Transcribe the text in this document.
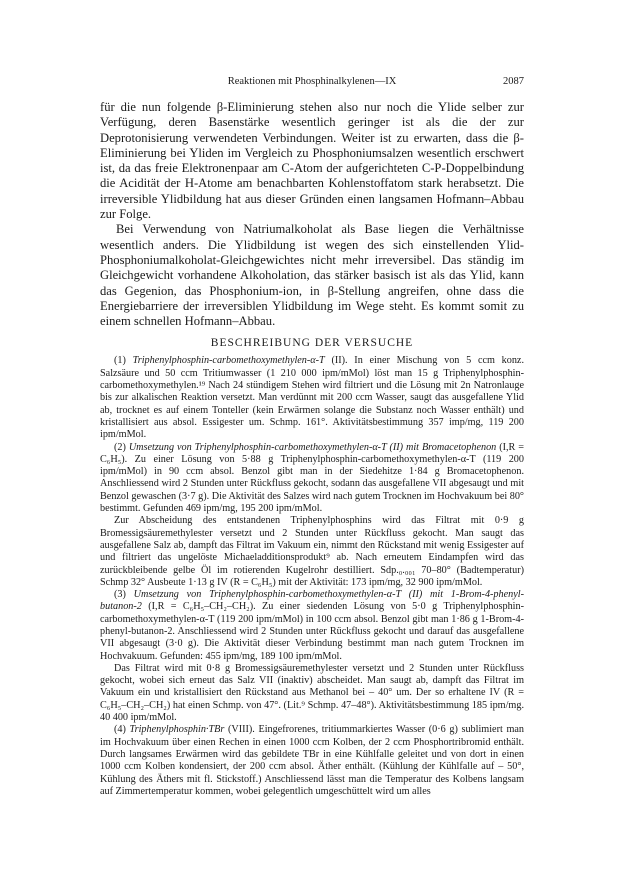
Reaktionen mit Phosphinalkylenen—IX	2087

für die nun folgende β-Eliminierung stehen also nur noch die Ylide selber zur Verfügung, deren Basenstärke wesentlich geringer ist als die der zur Deprotonisierung verwendeten Verbindungen. Weiter ist zu erwarten, dass die β-Eliminierung bei Yliden im Vergleich zu Phosphoniumsalzen wesentlich erschwert ist, da das freie Elektronenpaar am C-Atom der aufgerichteten C-P-Doppelbindung die Acidität der H-Atome am benachbarten Kohlenstoffatom stark herabsetzt. Die irreversible Ylidbildung hat aus dieser Gründen einen langsamen Hofmann–Abbau zur Folge.

Bei Verwendung von Natriumalkoholat als Base liegen die Verhältnisse wesentlich anders. Die Ylidbildung ist wegen des sich einstellenden Ylid-Phosphoniumalkoholat-Gleichgewichtes nicht mehr irreversibel. Das ständig im Gleichgewicht vorhandene Alkoholation, das stärker basisch ist als das Ylid, kann das Gegenion, das Phosphonium-ion, in β-Stellung angreifen, ohne dass die Energiebarriere der irreversiblen Ylidbildung im Wege steht. Es kommt somit zu einem schnellen Hofmann–Abbau.

BESCHREIBUNG DER VERSUCHE

(1) Triphenylphosphin-carbomethoxymethylen-α-T (II). In einer Mischung von 5 ccm konz. Salzsäure und 50 ccm Tritiumwasser (1 210 000 ipm/mMol) löst man 15 g Triphenylphosphin-carbomethoxymethylen.¹⁹ Nach 24 stündigem Stehen wird filtriert und die Lösung mit 2n Natronlauge bis zur alkalischen Reaktion versetzt. Man verdünnt mit 200 ccm Wasser, saugt das ausgefallene Ylid ab, trocknet es auf einem Tonteller (kein Erwärmen solange die Substanz noch Wasser enthält) und kristallisiert aus absol. Essigester um. Schmp. 161°. Aktivitätsbestimmung 357 imp/mg, 119 200 ipm/mMol.

(2) Umsetzung von Triphenylphosphin-carbomethoxymethylen-α-T (II) mit Bromacetophenon (I,R = C₆H₅). Zu einer Lösung von 5·88 g Triphenylphosphin-carbomethoxymethylen-α-T (119 200 ipm/mMol) in 90 ccm absol. Benzol gibt man in der Siedehitze 1·84 g Bromacetophenon. Anschliessend wird 2 Stunden unter Rückfluss gekocht, sodann das ausgefallene VII abgesaugt und mit Benzol gewaschen (3·7 g). Die Aktivität des Salzes wird nach gutem Trocknen im Hochvakuum bei 80° bestimmt. Gefunden 469 ipm/mg, 195 200 ipm/mMol.

Zur Abscheidung des entstandenen Triphenylphosphins wird das Filtrat mit 0·9 g Bromessigsäuremethylester versetzt und 2 Stunden unter Rückfluss gekocht. Man saugt das ausgefallene Salz ab, dampft das Filtrat im Vakuum ein, nimmt den Rückstand mit wenig Essigester auf und filtriert das ungelöste Michaeladditionsprodukt⁹ ab. Nach erneutem Eindampfen wird das zurückbleibende gelbe Öl im rotierenden Kugelrohr destilliert. Sdp.₀.₀₀₁ 70–80° (Badtemperatur) Schmp 32° Ausbeute 1·13 g IV (R = C₆H₅) mit der Aktivität: 173 ipm/mg, 32 900 ipm/mMol.

(3) Umsetzung von Triphenylphosphin-carbomethoxymethylen-α-T (II) mit 1-Brom-4-phenyl-butanon-2 (I,R = C₆H₅–CH₂–CH₂). Zu einer siedenden Lösung von 5·0 g Triphenylphosphin-carbomethoxymethylen-α-T (119 200 ipm/mMol) in 100 ccm absol. Benzol gibt man 1·86 g 1-Brom-4-phenyl-butanon-2. Anschliessend wird 2 Stunden unter Rückfluss gekocht und darauf das ausgefallene VII abgesaugt (3·0 g). Die Aktivität dieser Verbindung bestimmt man nach gutem Trocknen im Hochvakuum. Gefunden: 455 ipm/mg, 189 100 ipm/mMol.

Das Filtrat wird mit 0·8 g Bromessigsäuremethylester versetzt und 2 Stunden unter Rückfluss gekocht, wobei sich erneut das Salz VII (inaktiv) abscheidet. Man saugt ab, dampft das Filtrat im Vakuum ein und kristallisiert den Rückstand aus Methanol bei – 40° um. Der so erhaltene IV (R = C₆H₅–CH₂–CH₂) hat einen Schmp. von 47°. (Lit.⁹ Schmp. 47–48°). Aktivitätsbestimmung 185 ipm/mg. 40 400 ipm/mMol.

(4) Triphenylphosphin·TBr (VIII). Eingefrorenes, tritiummarkiertes Wasser (0·6 g) sublimiert man im Hochvakuum über einen Rechen in einen 1000 ccm Kolben, der 2 ccm Phosphortribromid enthält. Durch langsames Erwärmen wird das gebildete TBr in eine Kühlfalle geleitet und von dort in einen 1000 ccm Kolben kondensiert, der 200 ccm absol. Äther enthält. (Kühlung der Kühlfalle auf – 50°, Kühlung des Äthers mit fl. Stickstoff.) Anschliessend lässt man die Temperatur des Kolbens langsam auf Zimmertemperatur kommen, wobei gelegentlich umgeschüttelt wird um alles
